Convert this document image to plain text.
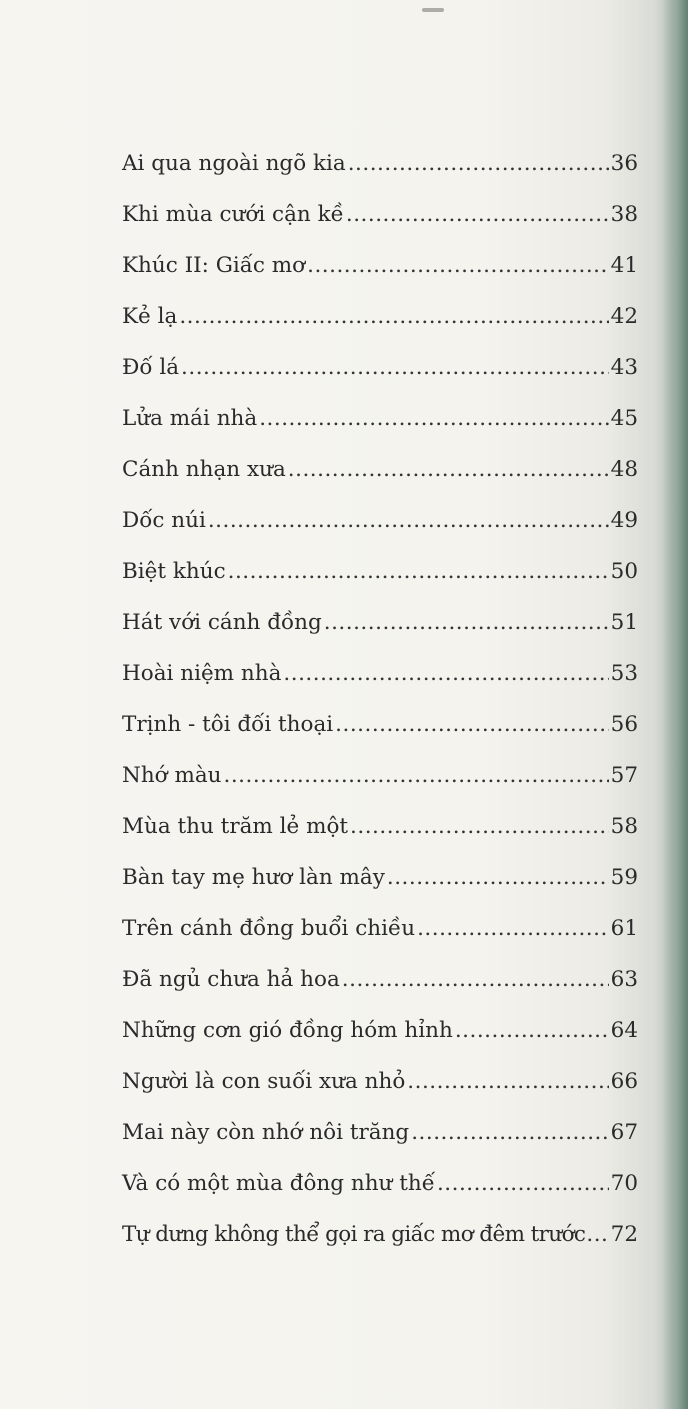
Ai qua ngoài ngõ kia .....	36
Khi mùa cưới cận kề .....	38
Khúc II: Giấc mơ .....	41
Kẻ lạ .....	42
Đố lá .....	43
Lửa mái nhà .....	45
Cánh nhạn xưa .....	48
Dốc núi .....	49
Biệt khúc .....	50
Hát với cánh đồng .....	51
Hoài niệm nhà .....	53
Trịnh - tôi đối thoại .....	56
Nhớ màu .....	57
Mùa thu trăm lẻ một .....	58
Bàn tay mẹ hươ làn mây .....	59
Trên cánh đồng buổi chiều .....	61
Đã ngủ chưa hả hoa .....	63
Những cơn gió đồng hóm hỉnh .....	64
Người là con suối xưa nhỏ .....	66
Mai này còn nhớ nôi trăng .....	67
Và có một mùa đông như thế .....	70
Tự dưng không thể gọi ra giấc mơ đêm trước ..... 72
